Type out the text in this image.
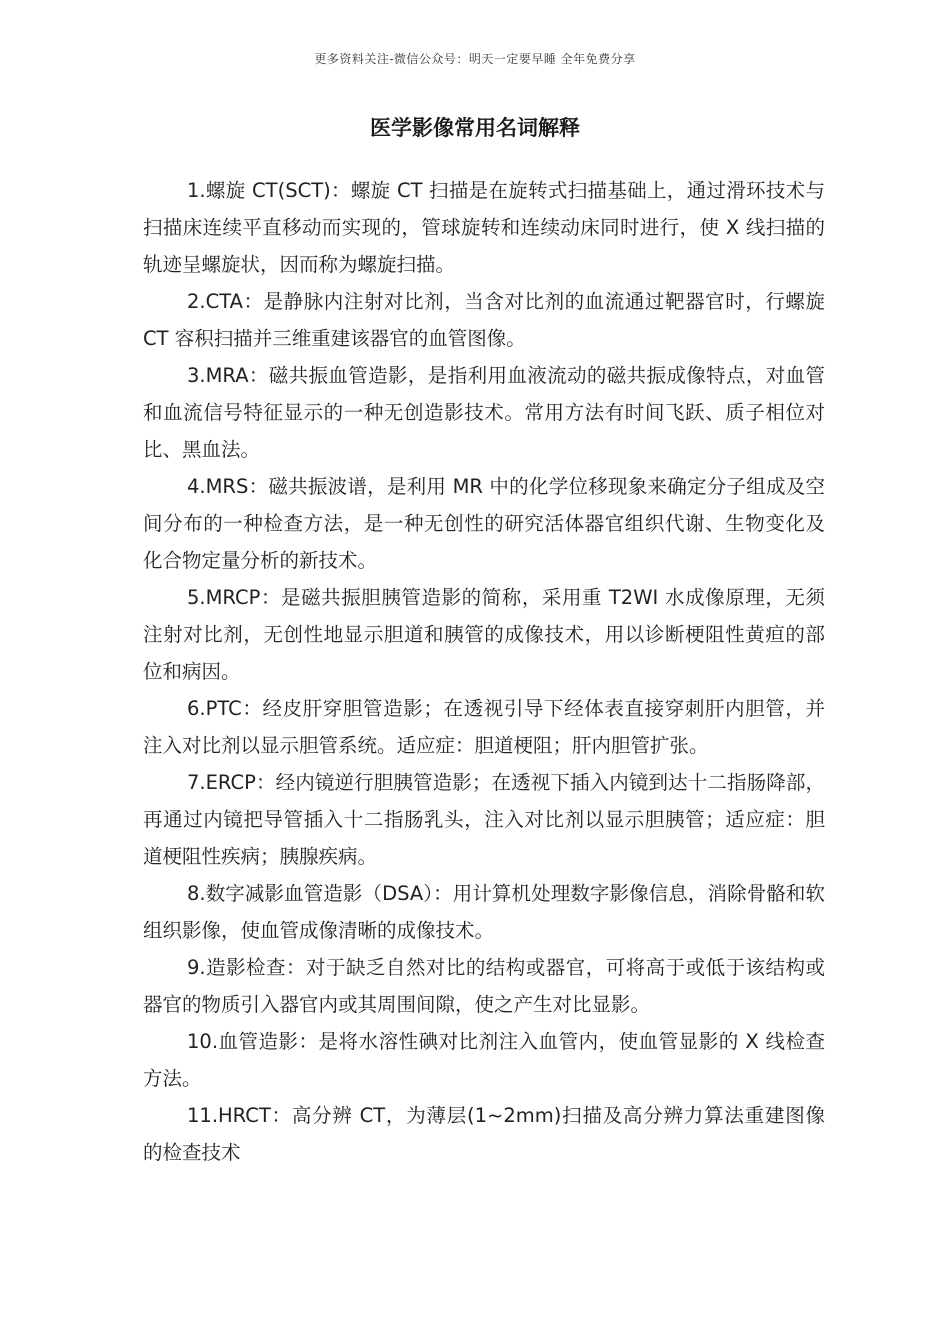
更多资料关注-微信公众号：明天一定要早睡 全年免费分享

医学影像常用名词解释

1.螺旋 CT(SCT)：螺旋 CT 扫描是在旋转式扫描基础上，通过滑环技术与扫描床连续平直移动而实现的，管球旋转和连续动床同时进行，使 X 线扫描的轨迹呈螺旋状，因而称为螺旋扫描。

2.CTA：是静脉内注射对比剂，当含对比剂的血流通过靶器官时，行螺旋 CT 容积扫描并三维重建该器官的血管图像。

3.MRA：磁共振血管造影，是指利用血液流动的磁共振成像特点，对血管和血流信号特征显示的一种无创造影技术。常用方法有时间飞跃、质子相位对比、黑血法。

4.MRS：磁共振波谱，是利用 MR 中的化学位移现象来确定分子组成及空间分布的一种检查方法，是一种无创性的研究活体器官组织代谢、生物变化及化合物定量分析的新技术。

5.MRCP：是磁共振胆胰管造影的简称，采用重 T2WI 水成像原理，无须注射对比剂，无创性地显示胆道和胰管的成像技术，用以诊断梗阻性黄疸的部位和病因。

6.PTC：经皮肝穿胆管造影；在透视引导下经体表直接穿刺肝内胆管，并注入对比剂以显示胆管系统。适应症：胆道梗阻；肝内胆管扩张。

7.ERCP：经内镜逆行胆胰管造影；在透视下插入内镜到达十二指肠降部，再通过内镜把导管插入十二指肠乳头，注入对比剂以显示胆胰管；适应症：胆道梗阻性疾病；胰腺疾病。

8.数字减影血管造影（DSA）：用计算机处理数字影像信息，消除骨骼和软组织影像，使血管成像清晰的成像技术。

9.造影检查：对于缺乏自然对比的结构或器官，可将高于或低于该结构或器官的物质引入器官内或其周围间隙，使之产生对比显影。

10.血管造影：是将水溶性碘对比剂注入血管内，使血管显影的 X 线检查方法。

11.HRCT：高分辨 CT，为薄层(1~2mm)扫描及高分辨力算法重建图像的检查技术
